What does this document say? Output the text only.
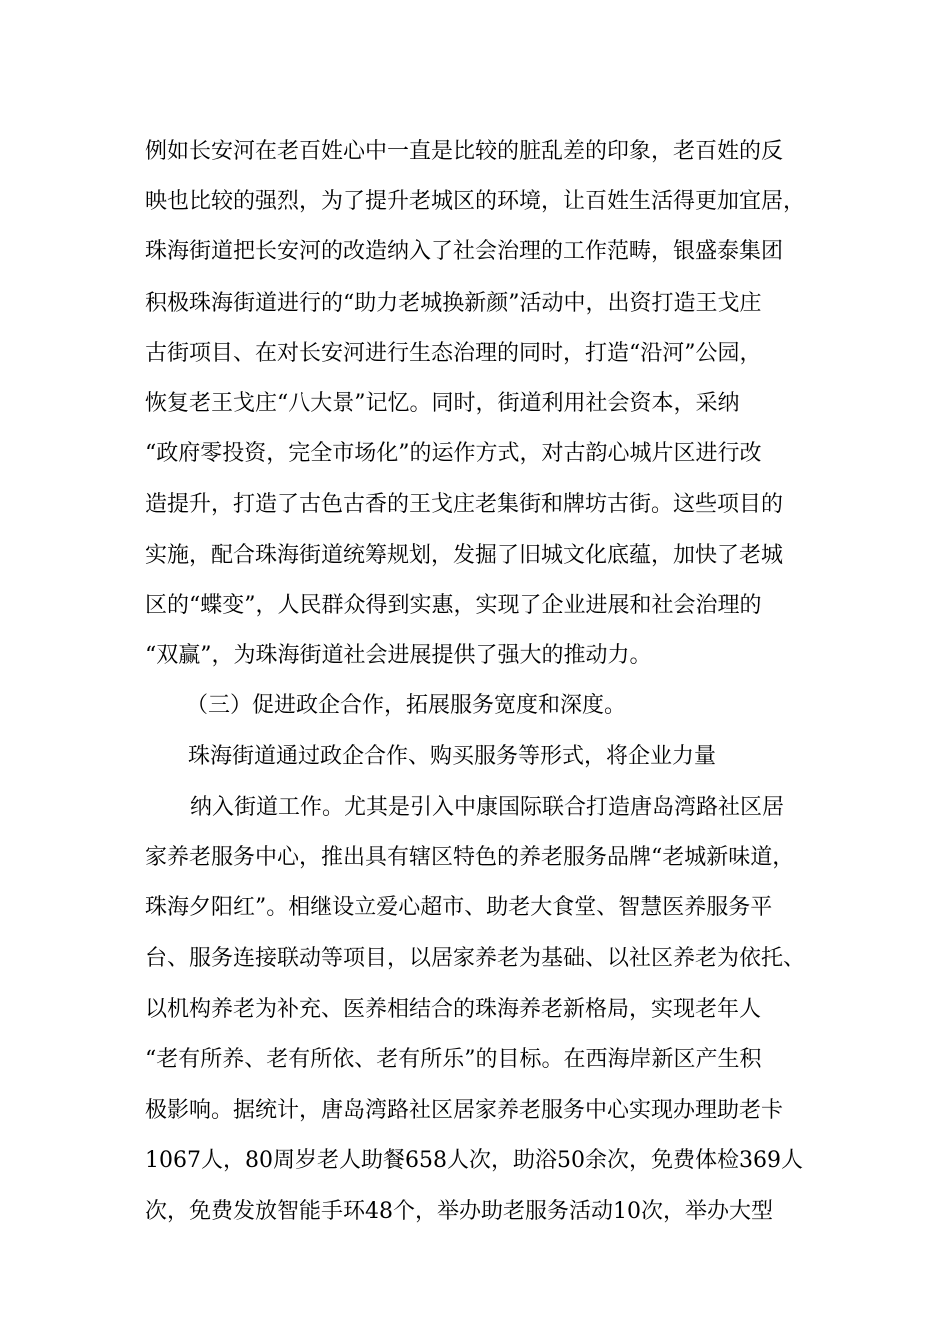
例如长安河在老百姓心中一直是比较的脏乱差的印象，老百姓的反
映也比较的强烈，为了提升老城区的环境，让百姓生活得更加宜居，
珠海街道把长安河的改造纳入了社会治理的工作范畴，银盛泰集团
积极珠海街道进行的“助力老城换新颜”活动中，出资打造王戈庄
古街项目、在对长安河进行生态治理的同时，打造“沿河”公园，
恢复老王戈庄“八大景”记忆。同时，街道利用社会资本，采纳
“政府零投资，完全市场化”的运作方式，对古韵心城片区进行改
造提升，打造了古色古香的王戈庄老集街和牌坊古街。这些项目的
实施，配合珠海街道统筹规划，发掘了旧城文化底蕴，加快了老城
区的“蝶变”，人民群众得到实惠，实现了企业进展和社会治理的
“双赢”，为珠海街道社会进展提供了强大的推动力。
（三）促进政企合作，拓展服务宽度和深度。
珠海街道通过政企合作、购买服务等形式，将企业力量
纳入街道工作。尤其是引入中康国际联合打造唐岛湾路社区居
家养老服务中心，推出具有辖区特色的养老服务品牌“老城新味道，
珠海夕阳红”。相继设立爱心超市、助老大食堂、智慧医养服务平
台、服务连接联动等项目，以居家养老为基础、以社区养老为依托、
以机构养老为补充、医养相结合的珠海养老新格局，实现老年人
“老有所养、老有所依、老有所乐”的目标。在西海岸新区产生积
极影响。据统计，唐岛湾路社区居家养老服务中心实现办理助老卡
1067人，80周岁老人助餐658人次，助浴50余次，免费体检369人
次，免费发放智能手环48个，举办助老服务活动10次，举办大型
